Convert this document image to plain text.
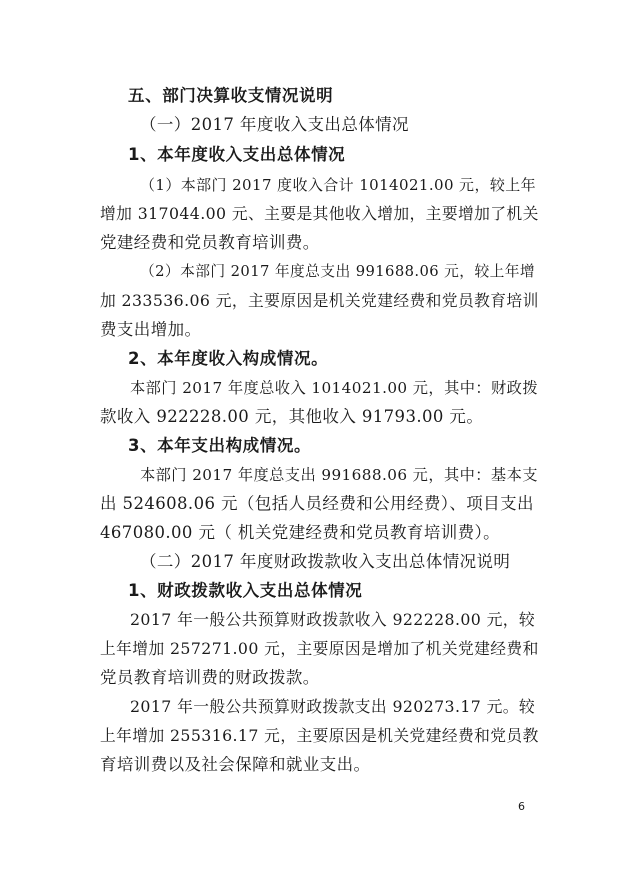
五、部门决算收支情况说明
（一）2017 年度收入支出总体情况
1、本年度收入支出总体情况
（1）本部门 2017 度收入合计 1014021.00 元，较上年
增加 317044.00 元、主要是其他收入增加，主要增加了机关
党建经费和党员教育培训费。
（2）本部门 2017 年度总支出 991688.06 元，较上年增
加 233536.06 元，主要原因是机关党建经费和党员教育培训
费支出增加。
2、本年度收入构成情况。
本部门 2017 年度总收入 1014021.00 元，其中：财政拨
款收入 922228.00 元，其他收入 91793.00 元。
3、本年支出构成情况。
本部门 2017 年度总支出 991688.06 元，其中：基本支
出 524608.06 元（包括人员经费和公用经费）、项目支出
467080.00 元（ 机关党建经费和党员教育培训费）。
（二）2017 年度财政拨款收入支出总体情况说明
1、财政拨款收入支出总体情况
2017 年一般公共预算财政拨款收入 922228.00 元，较
上年增加 257271.00 元，主要原因是增加了机关党建经费和
党员教育培训费的财政拨款。
2017 年一般公共预算财政拨款支出 920273.17 元。较
上年增加 255316.17 元，主要原因是机关党建经费和党员教
育培训费以及社会保障和就业支出。
6
